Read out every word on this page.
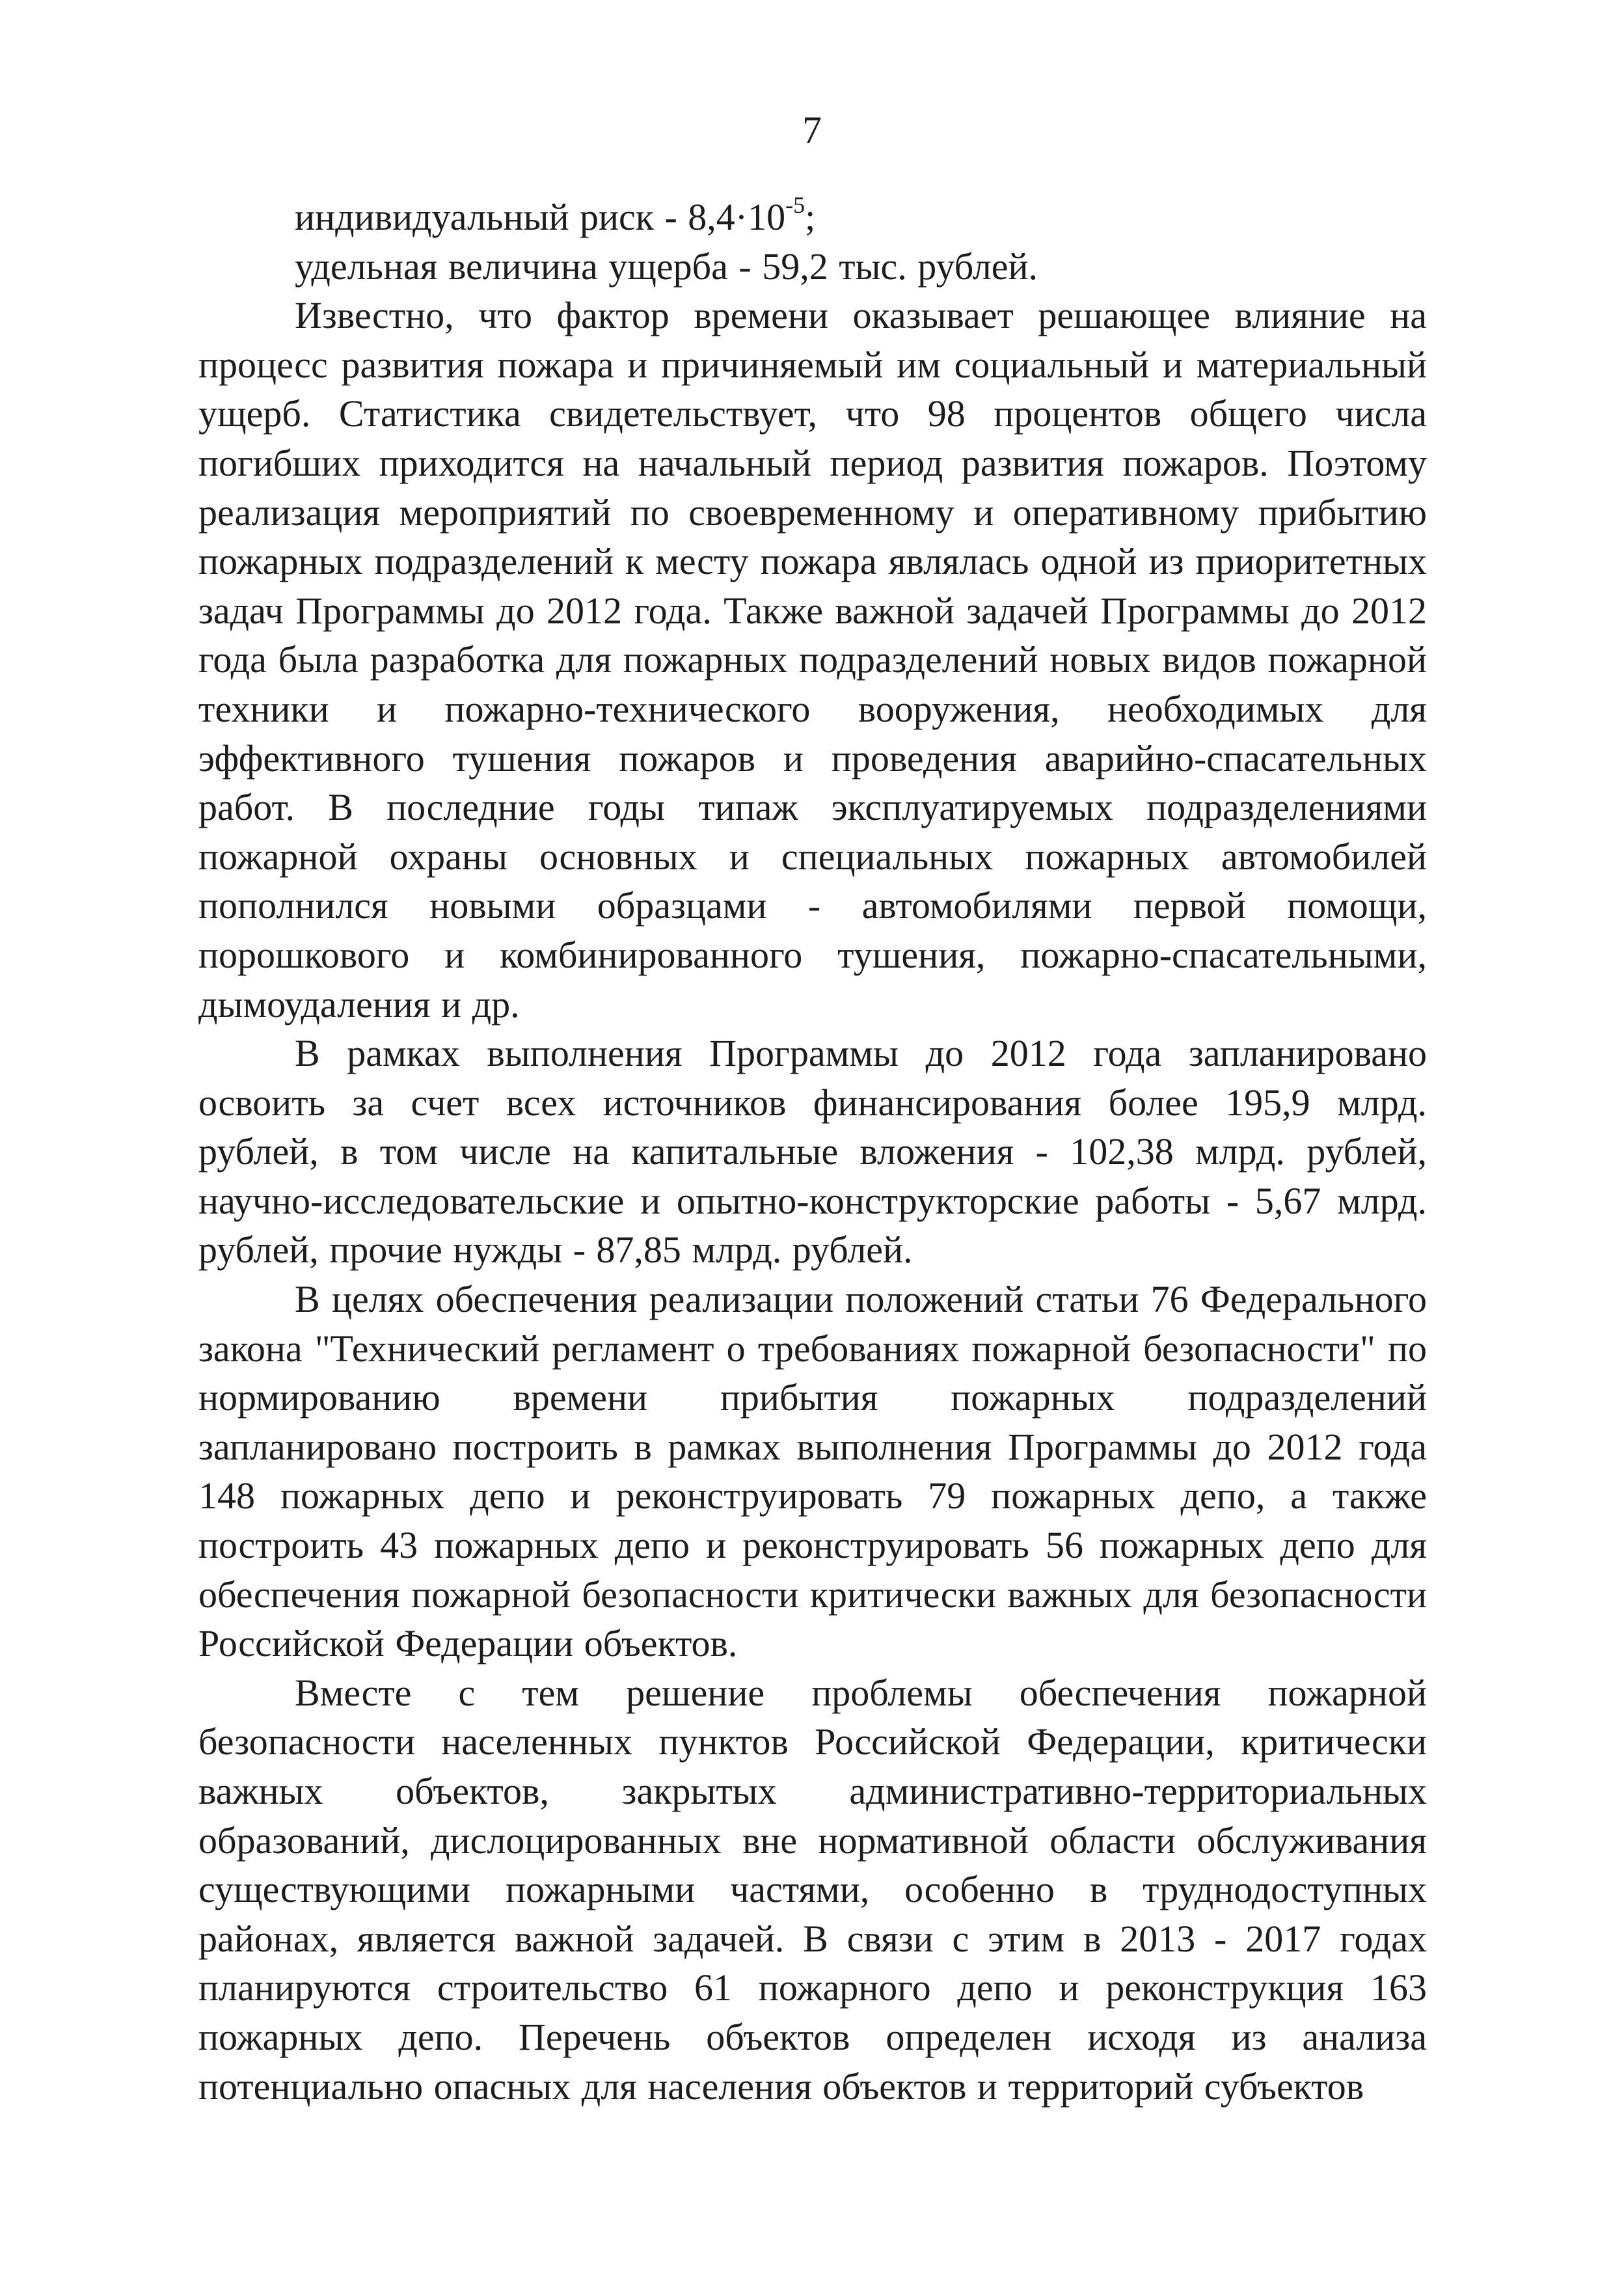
7

индивидуальный риск - $8,4\cdot 10^{-5}$;

удельная величина ущерба - 59,2 тыс. рублей.

Известно, что фактор времени оказывает решающее влияние на процесс развития пожара и причиняемый им социальный и материальный ущерб. Статистика свидетельствует, что 98 процентов общего числа погибших приходится на начальный период развития пожаров. Поэтому реализация мероприятий по своевременному и оперативному прибытию пожарных подразделений к месту пожара являлась одной из приоритетных задач Программы до 2012 года. Также важной задачей Программы до 2012 года была разработка для пожарных подразделений новых видов пожарной техники и пожарно-технического вооружения, необходимых для эффективного тушения пожаров и проведения аварийно-спасательных работ. В последние годы типаж эксплуатируемых подразделениями пожарной охраны основных и специальных пожарных автомобилей пополнился новыми образцами - автомобилями первой помощи, порошкового и комбинированного тушения, пожарно-спасательными, дымоудаления и др.

В рамках выполнения Программы до 2012 года запланировано освоить за счет всех источников финансирования более 195,9 млрд. рублей, в том числе на капитальные вложения - 102,38 млрд. рублей, научно-исследовательские и опытно-конструкторские работы - 5,67 млрд. рублей, прочие нужды - 87,85 млрд. рублей.

В целях обеспечения реализации положений статьи 76 Федерального закона "Технический регламент о требованиях пожарной безопасности" по нормированию времени прибытия пожарных подразделений запланировано построить в рамках выполнения Программы до 2012 года 148 пожарных депо и реконструировать 79 пожарных депо, а также построить 43 пожарных депо и реконструировать 56 пожарных депо для обеспечения пожарной безопасности критически важных для безопасности Российской Федерации объектов.

Вместе с тем решение проблемы обеспечения пожарной безопасности населенных пунктов Российской Федерации, критически важных объектов, закрытых административно-территориальных образований, дислоцированных вне нормативной области обслуживания существующими пожарными частями, особенно в труднодоступных районах, является важной задачей. В связи с этим в 2013 - 2017 годах планируются строительство 61 пожарного депо и реконструкция 163 пожарных депо. Перечень объектов определен исходя из анализа потенциально опасных для населения объектов и территорий субъектов
